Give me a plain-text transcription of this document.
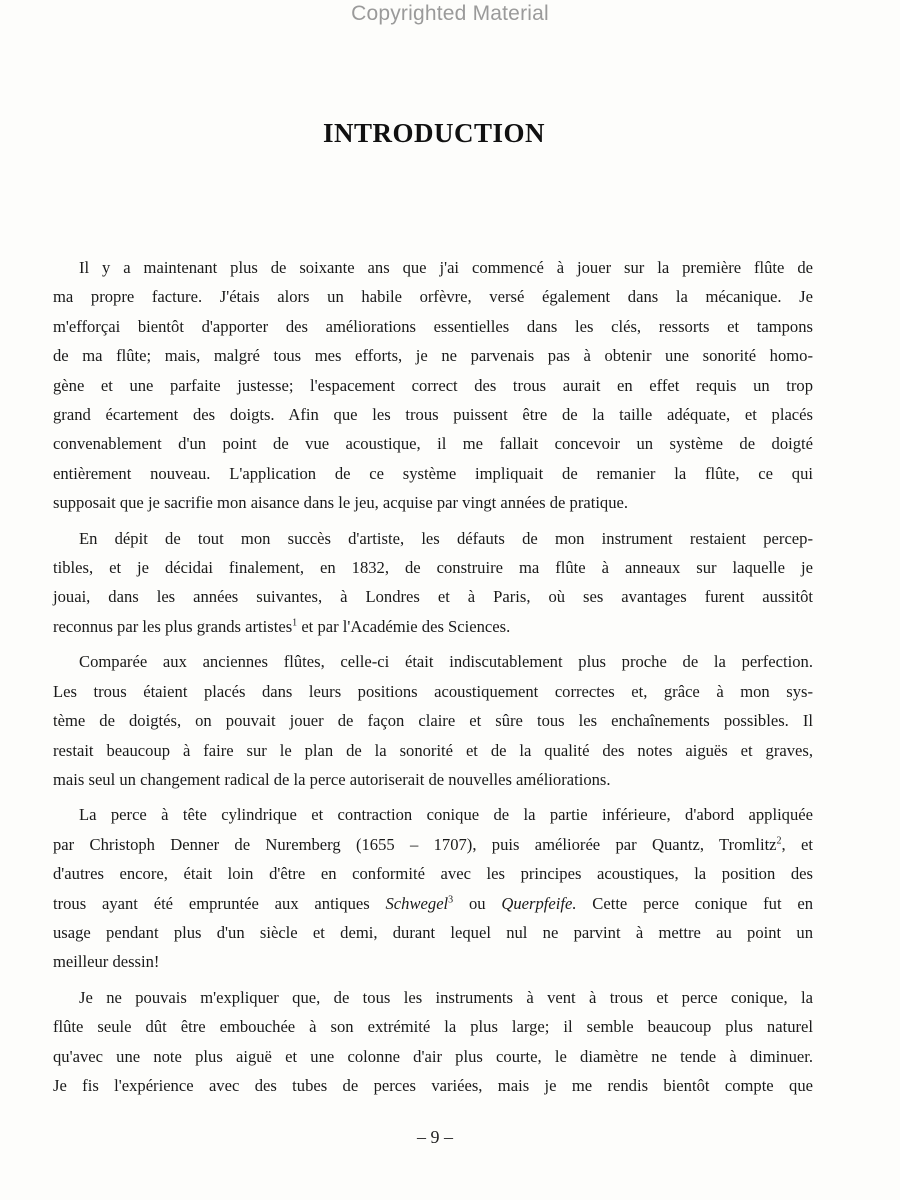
Copyrighted Material
INTRODUCTION

Il y a maintenant plus de soixante ans que j'ai commencé à jouer sur la première flûte de
ma propre facture. J'étais alors un habile orfèvre, versé également dans la mécanique. Je
m'efforçai bientôt d'apporter des améliorations essentielles dans les clés, ressorts et tampons
de ma flûte; mais, malgré tous mes efforts, je ne parvenais pas à obtenir une sonorité homo-
gène et une parfaite justesse; l'espacement correct des trous aurait en effet requis un trop
grand écartement des doigts. Afin que les trous puissent être de la taille adéquate, et placés
convenablement d'un point de vue acoustique, il me fallait concevoir un système de doigté
entièrement nouveau. L'application de ce système impliquait de remanier la flûte, ce qui
supposait que je sacrifie mon aisance dans le jeu, acquise par vingt années de pratique.

En dépit de tout mon succès d'artiste, les défauts de mon instrument restaient percep-
tibles, et je décidai finalement, en 1832, de construire ma flûte à anneaux sur laquelle je
jouai, dans les années suivantes, à Londres et à Paris, où ses avantages furent aussitôt
reconnus par les plus grands artistes$^1$ et par l'Académie des Sciences.

Comparée aux anciennes flûtes, celle-ci était indiscutablement plus proche de la perfection.
Les trous étaient placés dans leurs positions acoustiquement correctes et, grâce à mon sys-
tème de doigtés, on pouvait jouer de façon claire et sûre tous les enchaînements possibles. Il
restait beaucoup à faire sur le plan de la sonorité et de la qualité des notes aiguës et graves,
mais seul un changement radical de la perce autoriserait de nouvelles améliorations.

La perce à tête cylindrique et contraction conique de la partie inférieure, d'abord appliquée
par Christoph Denner de Nuremberg (1655 – 1707), puis améliorée par Quantz, Tromlitz$^2$, et
d'autres encore, était loin d'être en conformité avec les principes acoustiques, la position des
trous ayant été empruntée aux antiques Schwegel$^3$ ou Querpfeife. Cette perce conique fut en
usage pendant plus d'un siècle et demi, durant lequel nul ne parvint à mettre au point un
meilleur dessin!

Je ne pouvais m'expliquer que, de tous les instruments à vent à trous et perce conique, la
flûte seule dût être embouchée à son extrémité la plus large; il semble beaucoup plus naturel
qu'avec une note plus aiguë et une colonne d'air plus courte, le diamètre ne tende à diminuer.
Je fis l'expérience avec des tubes de perces variées, mais je me rendis bientôt compte que

– 9 –
